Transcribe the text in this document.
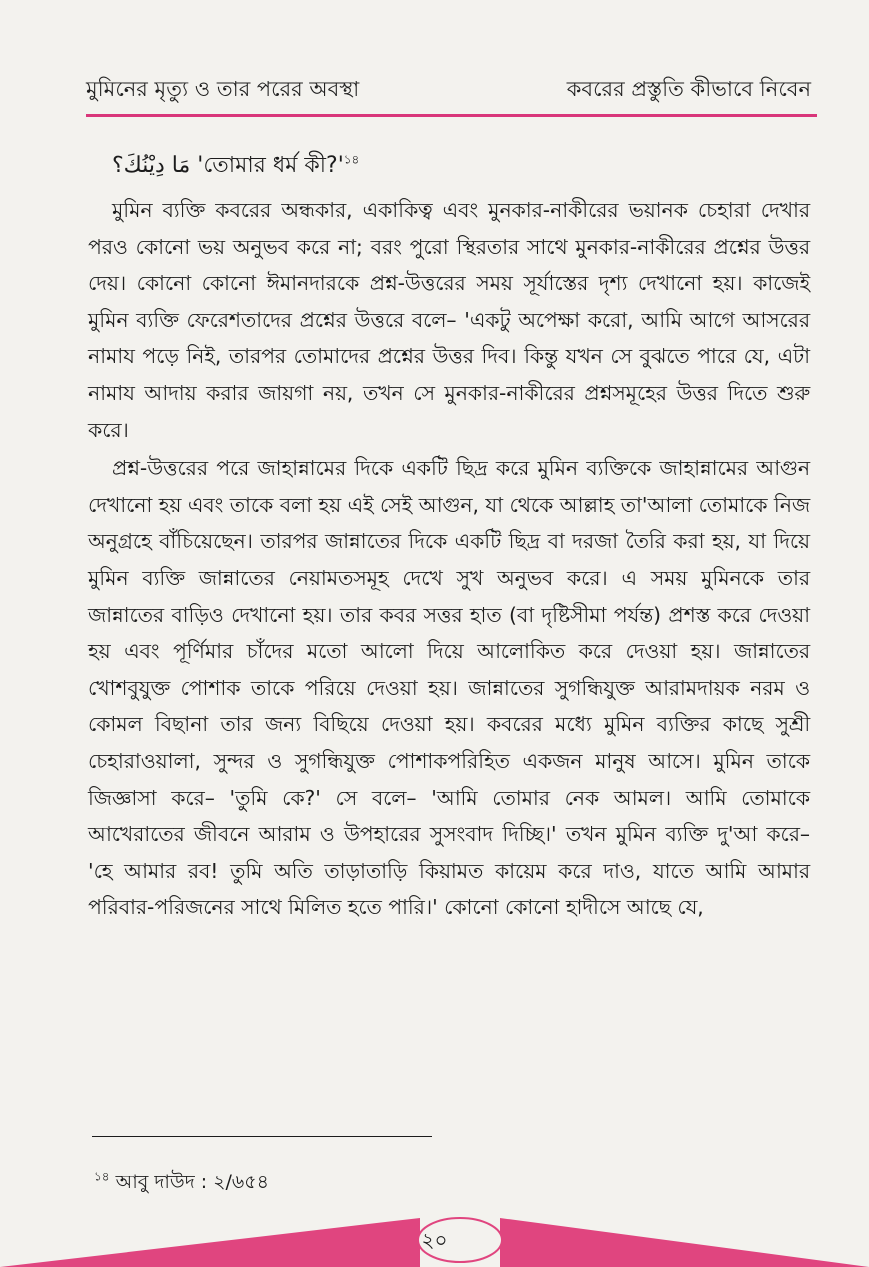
মুমিনের মৃত্যু ও তার পরের অবস্থা	কবরের প্রস্তুতি কীভাবে নিবেন
مَا دِيْنُكَ؟ 'তোমার ধর্ম $কী?'^{১৪}$

মুমিন ব্যক্তি কবরের অন্ধকার, একাকিত্ব এবং মুনকার-নাকীরের ভয়ানক চেহারা দেখার পরও কোনো ভয় অনুভব করে না; বরং পুরো স্থিরতার সাথে মুনকার-নাকীরের প্রশ্নের উত্তর দেয়। কোনো কোনো ঈমানদারকে প্রশ্ন-উত্তরের সময় সূর্যাস্তের দৃশ্য দেখানো হয়। কাজেই মুমিন ব্যক্তি ফেরেশতাদের প্রশ্নের উত্তরে বলে– 'একটু অপেক্ষা করো, আমি আগে আসরের নামায পড়ে নিই, তারপর তোমাদের প্রশ্নের উত্তর দিব। কিন্তু যখন সে বুঝতে পারে যে, এটা নামায আদায় করার জায়গা নয়, তখন সে মুনকার-নাকীরের প্রশ্নসমূহের উত্তর দিতে শুরু করে।

প্রশ্ন-উত্তরের পরে জাহান্নামের দিকে একটি ছিদ্র করে মুমিন ব্যক্তিকে জাহান্নামের আগুন দেখানো হয় এবং তাকে বলা হয় এই সেই আগুন, যা থেকে আল্লাহ তা'আলা তোমাকে নিজ অনুগ্রহে বাঁচিয়েছেন। তারপর জান্নাতের দিকে একটি ছিদ্র বা দরজা তৈরি করা হয়, যা দিয়ে মুমিন ব্যক্তি জান্নাতের নেয়ামতসমূহ দেখে সুখ অনুভব করে। এ সময় মুমিনকে তার জান্নাতের বাড়িও দেখানো হয়। তার কবর সত্তর হাত (বা দৃষ্টিসীমা পর্যন্ত) প্রশস্ত করে দেওয়া হয় এবং পূর্ণিমার চাঁদের মতো আলো দিয়ে আলোকিত করে দেওয়া হয়। জান্নাতের খোশবুযুক্ত পোশাক তাকে পরিয়ে দেওয়া হয়। জান্নাতের সুগন্ধিযুক্ত আরামদায়ক নরম ও কোমল বিছানা তার জন্য বিছিয়ে দেওয়া হয়। কবরের মধ্যে মুমিন ব্যক্তির কাছে সুশ্রী চেহারাওয়ালা, সুন্দর ও সুগন্ধিযুক্ত পোশাকপরিহিত একজন মানুষ আসে। মুমিন তাকে জিজ্ঞাসা করে– 'তুমি কে?' সে বলে– 'আমি তোমার নেক আমল। আমি তোমাকে আখেরাতের জীবনে আরাম ও উপহারের সুসংবাদ দিচ্ছি।' তখন মুমিন ব্যক্তি দু'আ করে– 'হে আমার রব! তুমি অতি তাড়াতাড়ি কিয়ামত কায়েম করে দাও, যাতে আমি আমার পরিবার-পরিজনের সাথে মিলিত হতে পারি।' কোনো কোনো হাদীসে আছে যে,

$^{১৪}$ আবু দাউদ : ২/৬৫৪
২০
